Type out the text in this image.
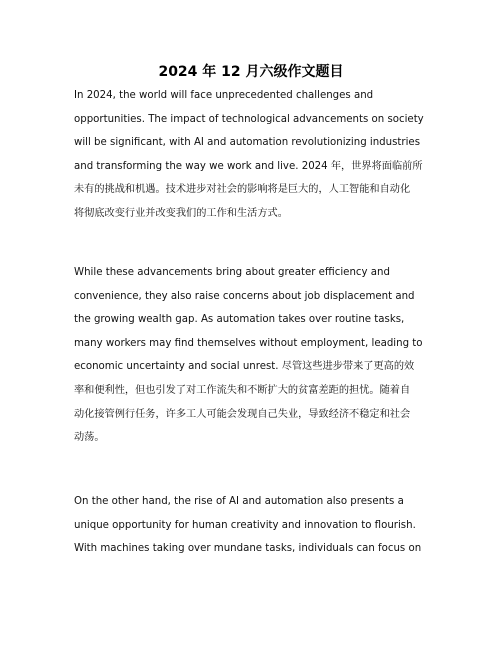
2024 年 12 月六级作文题目
In 2024, the world will face unprecedented challenges and
opportunities. The impact of technological advancements on society
will be significant, with AI and automation revolutionizing industries
and transforming the way we work and live. 2024 年，世界将面临前所
未有的挑战和机遇。技术进步对社会的影响将是巨大的，人工智能和自动化
将彻底改变行业并改变我们的工作和生活方式。
While these advancements bring about greater efficiency and
convenience, they also raise concerns about job displacement and
the growing wealth gap. As automation takes over routine tasks,
many workers may find themselves without employment, leading to
economic uncertainty and social unrest. 尽管这些进步带来了更高的效
率和便利性，但也引发了对工作流失和不断扩大的贫富差距的担忧。随着自
动化接管例行任务，许多工人可能会发现自己失业，导致经济不稳定和社会
动荡。
On the other hand, the rise of AI and automation also presents a
unique opportunity for human creativity and innovation to flourish.
With machines taking over mundane tasks, individuals can focus on
